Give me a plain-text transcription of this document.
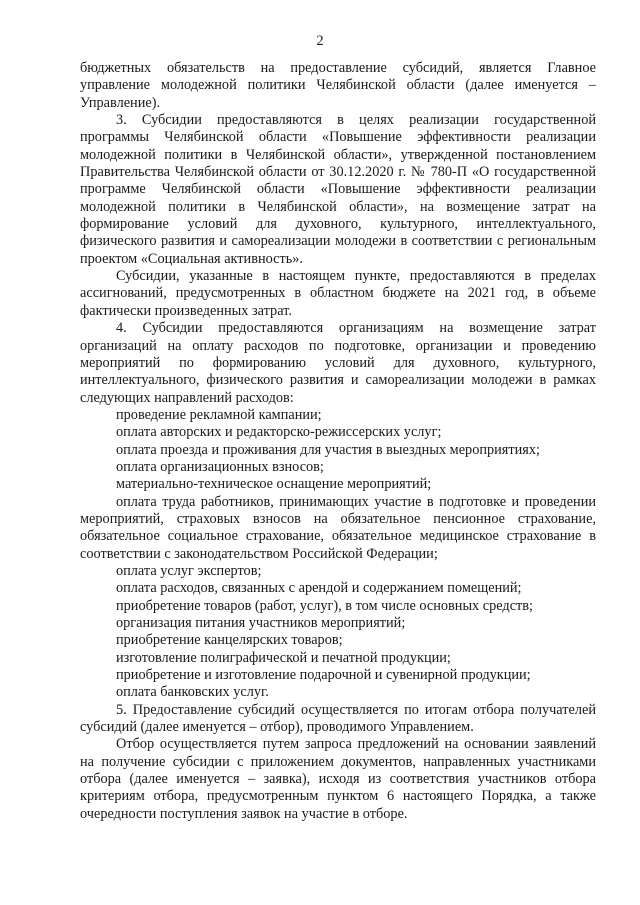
2

бюджетных обязательств на предоставление субсидий, является Главное управление молодежной политики Челябинской области (далее именуется – Управление).

3. Субсидии предоставляются в целях реализации государственной программы Челябинской области «Повышение эффективности реализации молодежной политики в Челябинской области», утвержденной постановлением Правительства Челябинской области от 30.12.2020 г. № 780-П «О государственной программе Челябинской области «Повышение эффективности реализации молодежной политики в Челябинской области», на возмещение затрат на формирование условий для духовного, культурного, интеллектуального, физического развития и самореализации молодежи в соответствии с региональным проектом «Социальная активность».

Субсидии, указанные в настоящем пункте, предоставляются в пределах ассигнований, предусмотренных в областном бюджете на 2021 год, в объеме фактически произведенных затрат.

4. Субсидии предоставляются организациям на возмещение затрат организаций на оплату расходов по подготовке, организации и проведению мероприятий по формированию условий для духовного, культурного, интеллектуального, физического развития и самореализации молодежи в рамках следующих направлений расходов:

проведение рекламной кампании;

оплата авторских и редакторско-режиссерских услуг;

оплата проезда и проживания для участия в выездных мероприятиях;

оплата организационных взносов;

материально-техническое оснащение мероприятий;

оплата труда работников, принимающих участие в подготовке и проведении мероприятий, страховых взносов на обязательное пенсионное страхование, обязательное социальное страхование, обязательное медицинское страхование в соответствии с законодательством Российской Федерации;

оплата услуг экспертов;

оплата расходов, связанных с арендой и содержанием помещений;

приобретение товаров (работ, услуг), в том числе основных средств;

организация питания участников мероприятий;

приобретение канцелярских товаров;

изготовление полиграфической и печатной продукции;

приобретение и изготовление подарочной и сувенирной продукции;

оплата банковских услуг.

5. Предоставление субсидий осуществляется по итогам отбора получателей субсидий (далее именуется – отбор), проводимого Управлением.

Отбор осуществляется путем запроса предложений на основании заявлений на получение субсидии с приложением документов, направленных участниками отбора (далее именуется – заявка), исходя из соответствия участников отбора критериям отбора, предусмотренным пунктом 6 настоящего Порядка, а также очередности поступления заявок на участие в отборе.
